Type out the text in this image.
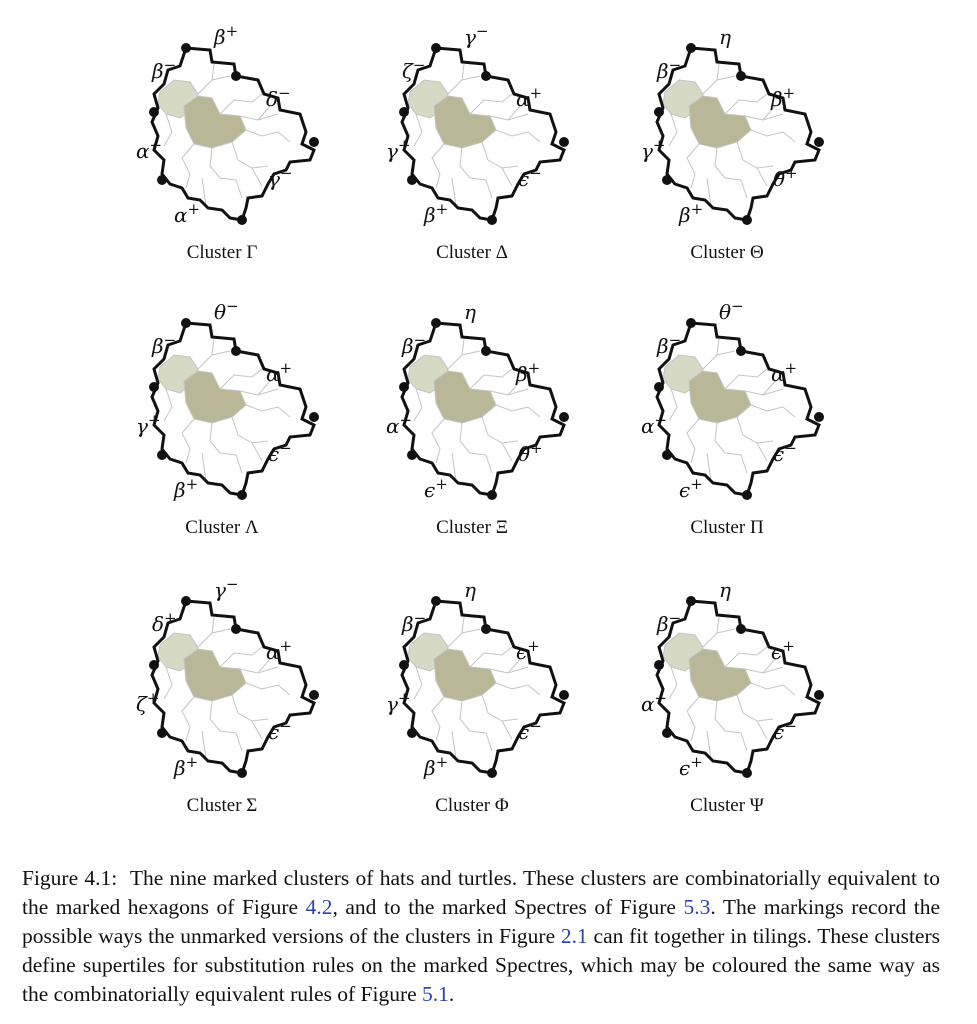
β+
β−
δ−
α−
γ−
α+
Cluster Γ
γ−
ζ−
α+
γ+
ϵ−
β+
Cluster Δ
η
β−
β+
γ+
θ+
β+
Cluster Θ
θ−
β−
α+
γ+
ϵ−
β+
Cluster Λ
η
β−
β+
α−
θ+
ϵ+
Cluster Ξ
θ−
β−
α+
α−
ϵ−
ϵ+
Cluster Π
γ−
δ+
α+
ζ+
ϵ−
β+
Cluster Σ
η
β−
ϵ+
γ+
ϵ−
β+
Cluster Φ
η
β−
ϵ+
α−
ϵ−
ϵ+
Cluster Ψ
Figure 4.1: The nine marked clusters of hats and turtles. These clusters are combinatorially equivalent to the marked hexagons of Figure 4.2, and to the marked Spectres of Figure 5.3. The markings record the possible ways the unmarked versions of the clusters in Figure 2.1 can fit together in tilings. These clusters define supertiles for substitution rules on the marked Spectres, which may be coloured the same way as the combinatorially equivalent rules of Figure 5.1.
